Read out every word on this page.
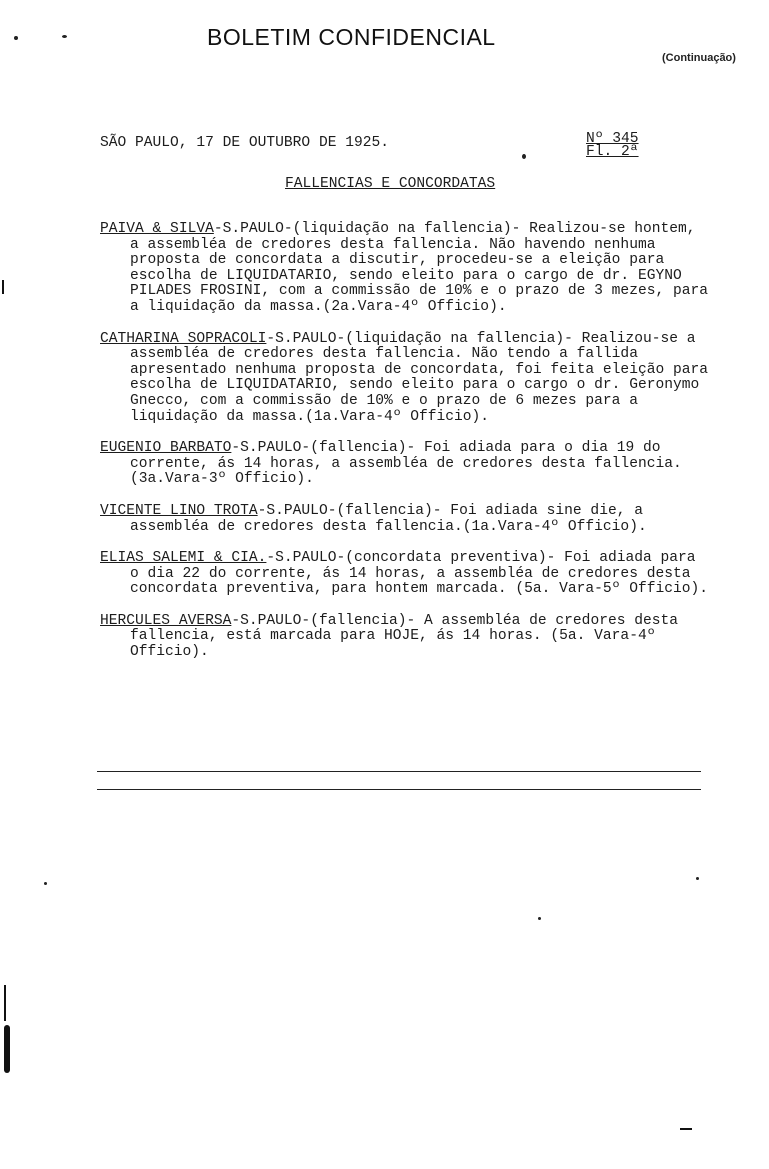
BOLETIM CONFIDENCIAL
(Continuação)
SÃO PAULO, 17 DE OUTUBRO DE 1925.	Nº 345
Fl. 2ª
FALLENCIAS E CONCORDATAS
PAIVA & SILVA-S.PAULO-(liquidação na fallencia)- Realizou-se hontem, a assembléa de credores desta fallencia. Não havendo nenhuma proposta de concordata a discutir, procedeu-se a eleição para escolha de LIQUIDATARIO, sendo eleito para o cargo de dr. EGYNO PILADES FROSINI, com a commissão de 10% e o prazo de 3 mezes, para a liquidação da massa.(2a.Vara-4º Officio).
CATHARINA SOPRACOLI-S.PAULO-(liquidação na fallencia)- Realizou-se a assembléa de credores desta fallencia. Não tendo a fallida apresentado nenhuma proposta de concordata, foi feita eleição para escolha de LIQUIDATARIO, sendo eleito para o cargo o dr. Geronymo Gnecco, com a commissão de 10% e o prazo de 6 mezes para a liquidação da massa.(1a.Vara-4º Officio).
EUGENIO BARBATO-S.PAULO-(fallencia)- Foi adiada para o dia 19 do corrente, ás 14 horas, a assembléa de credores desta fallencia. (3a.Vara-3º Officio).
VICENTE LINO TROTA-S.PAULO-(fallencia)- Foi adiada sine die, a assembléa de credores desta fallencia.(1a.Vara-4º Officio).
ELIAS SALEMI & CIA.-S.PAULO-(concordata preventiva)- Foi adiada para o dia 22 do corrente, ás 14 horas, a assembléa de credores desta concordata preventiva, para hontem marcada. (5a. Vara-5º Officio).
HERCULES AVERSA-S.PAULO-(fallencia)- A assembléa de credores desta fallencia, está marcada para HOJE, ás 14 horas. (5a. Vara-4º Officio).
